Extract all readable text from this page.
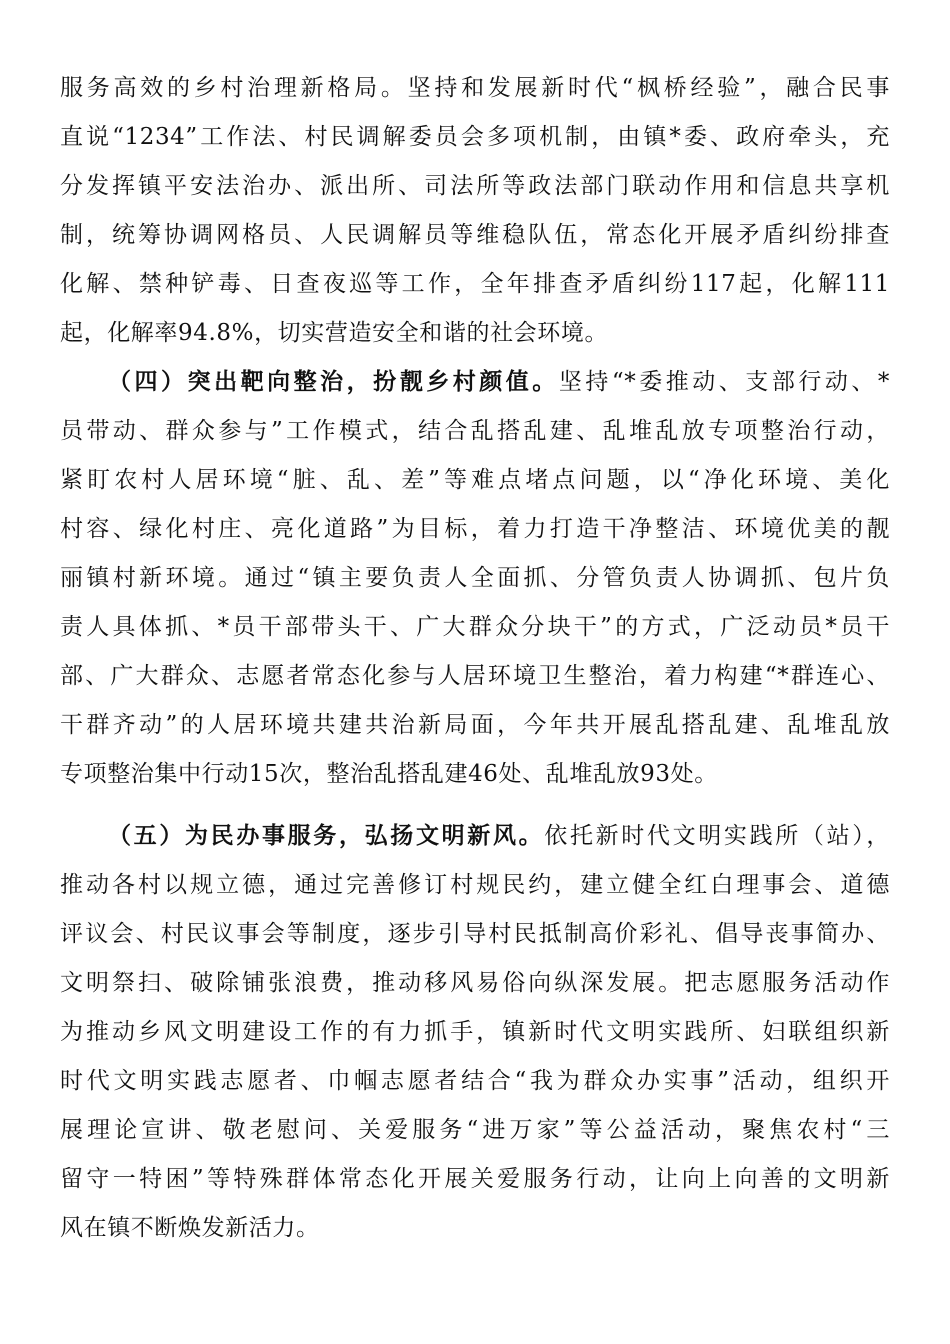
服务高效的乡村治理新格局。坚持和发展新时代“枫桥经验”，融合民事
直说“1234”工作法、村民调解委员会多项机制，由镇*委、政府牵头，充
分发挥镇平安法治办、派出所、司法所等政法部门联动作用和信息共享机
制，统筹协调网格员、人民调解员等维稳队伍，常态化开展矛盾纠纷排查
化解、禁种铲毒、日查夜巡等工作，全年排查矛盾纠纷117起，化解111
起，化解率94.8%，切实营造安全和谐的社会环境。
（四）突出靶向整治，扮靓乡村颜值。坚持“*委推动、支部行动、*
员带动、群众参与”工作模式，结合乱搭乱建、乱堆乱放专项整治行动，
紧盯农村人居环境“脏、乱、差”等难点堵点问题，以“净化环境、美化
村容、绿化村庄、亮化道路”为目标，着力打造干净整洁、环境优美的靓
丽镇村新环境。通过“镇主要负责人全面抓、分管负责人协调抓、包片负
责人具体抓、*员干部带头干、广大群众分块干”的方式，广泛动员*员干
部、广大群众、志愿者常态化参与人居环境卫生整治，着力构建“*群连心、
干群齐动”的人居环境共建共治新局面，今年共开展乱搭乱建、乱堆乱放
专项整治集中行动15次，整治乱搭乱建46处、乱堆乱放93处。
（五）为民办事服务，弘扬文明新风。依托新时代文明实践所（站），
推动各村以规立德，通过完善修订村规民约，建立健全红白理事会、道德
评议会、村民议事会等制度，逐步引导村民抵制高价彩礼、倡导丧事简办、
文明祭扫、破除铺张浪费，推动移风易俗向纵深发展。把志愿服务活动作
为推动乡风文明建设工作的有力抓手，镇新时代文明实践所、妇联组织新
时代文明实践志愿者、巾帼志愿者结合“我为群众办实事”活动，组织开
展理论宣讲、敬老慰问、关爱服务“进万家”等公益活动，聚焦农村“三
留守一特困”等特殊群体常态化开展关爱服务行动，让向上向善的文明新
风在镇不断焕发新活力。
